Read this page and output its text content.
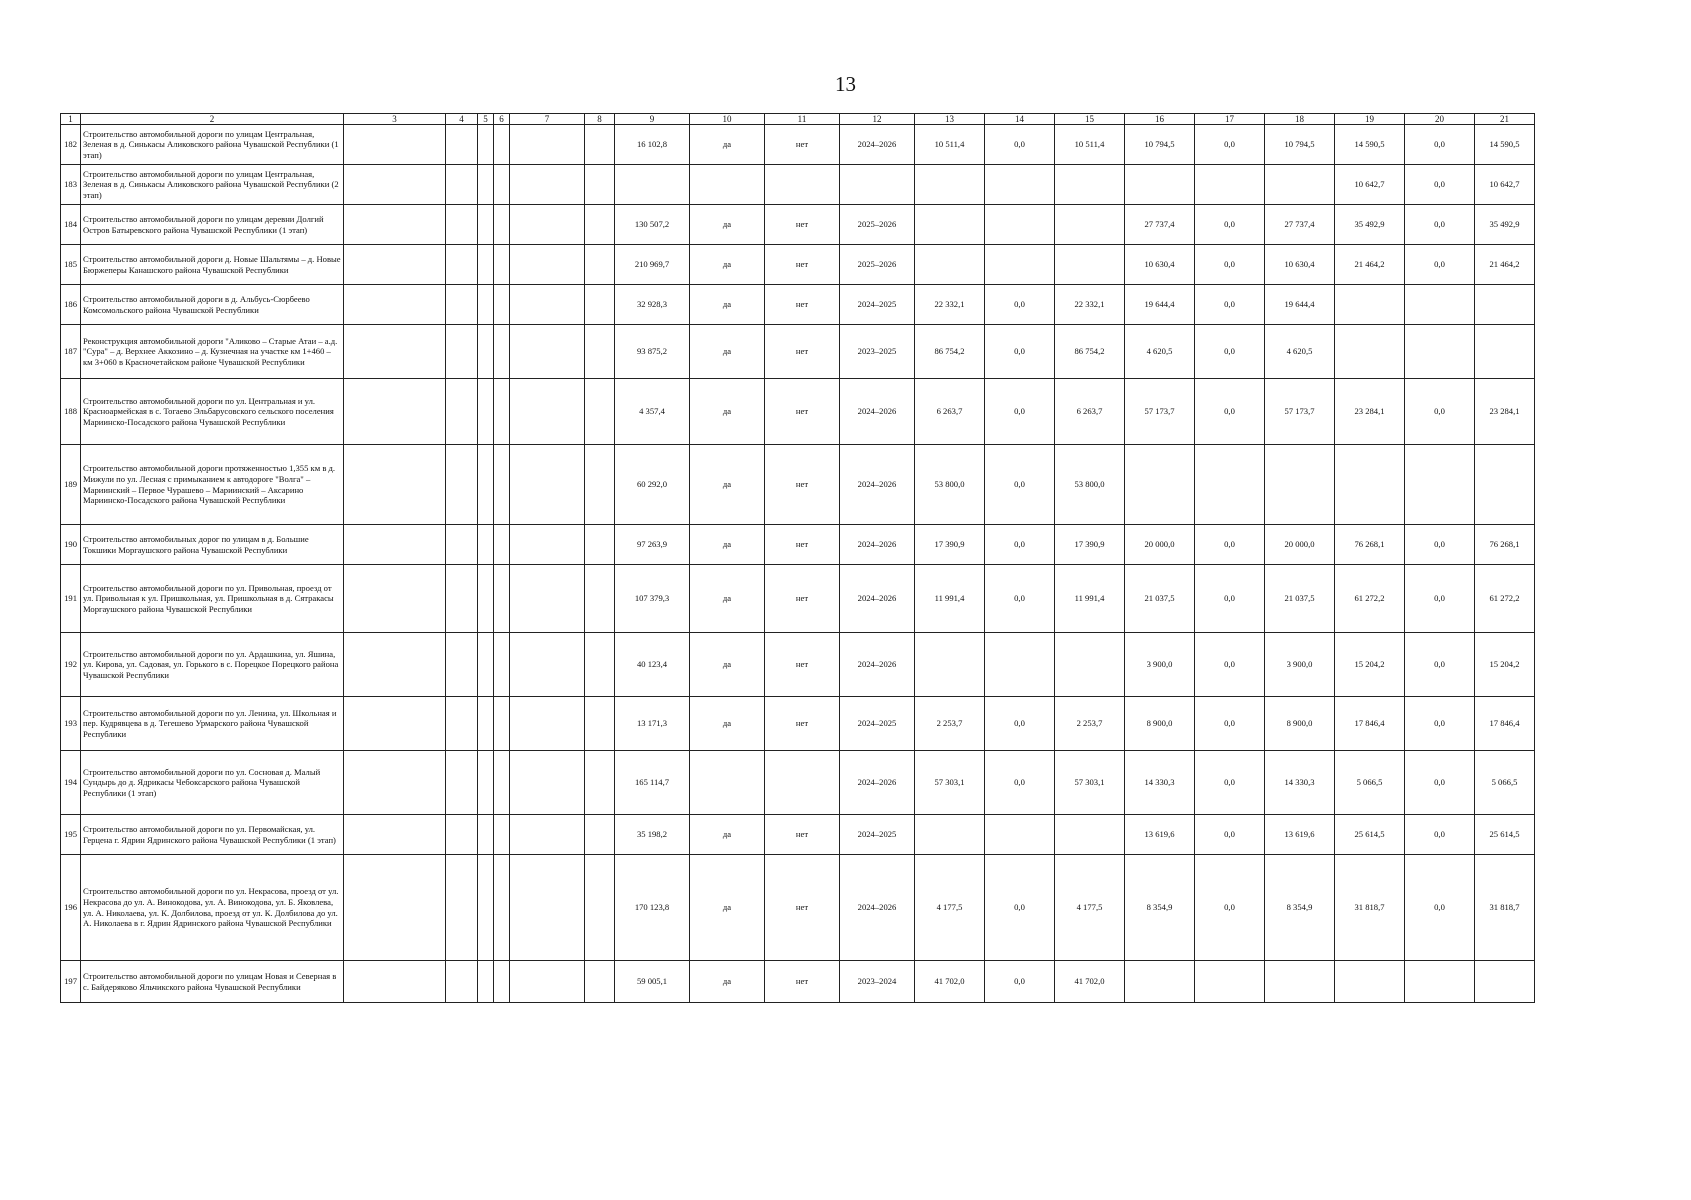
13
1	2	3	4	5	6	7	8	9	10	11	12	13	14	15	16	17	18	19	20	21
182	Строительство автомобильной дороги по улицам Центральная, Зеленая в д. Синькасы Аликовского района Чувашской Республики (1 этап)							16 102,8	да	нет	2024–2026	10 511,4	0,0	10 511,4	10 794,5	0,0	10 794,5	14 590,5	0,0	14 590,5
183	Строительство автомобильной дороги по улицам Центральная, Зеленая в д. Синькасы Аликовского района Чувашской Республики (2 этап)																	10 642,7	0,0	10 642,7
184	Строительство автомобильной дороги по улицам деревни Долгий Остров Батыревского района Чувашской Республики (1 этап)							130 507,2	да	нет	2025–2026				27 737,4	0,0	27 737,4	35 492,9	0,0	35 492,9
185	Строительство автомобильной дороги д. Новые Шальтямы – д. Новые Бюржеперы Канашского района Чувашской Республики							210 969,7	да	нет	2025–2026				10 630,4	0,0	10 630,4	21 464,2	0,0	21 464,2
186	Строительство автомобильной дороги в д. Альбусь-Сюрбеево Комсомольского района Чувашской Республики							32 928,3	да	нет	2024–2025	22 332,1	0,0	22 332,1	19 644,4	0,0	19 644,4			
187	Реконструкция автомобильной дороги "Аликово – Старые Атаи – а.д. "Сура" – д. Верхнее Аккозино – д. Кузнечная на участке км 1+460 – км 3+060 в Красночетайском районе Чувашской Республики							93 875,2	да	нет	2023–2025	86 754,2	0,0	86 754,2	4 620,5	0,0	4 620,5			
188	Строительство автомобильной дороги по ул. Центральная и ул. Красноармейская в с. Тогаево Эльбарусовского сельского поселения Мариинско-Посадского района Чувашской Республики							4 357,4	да	нет	2024–2026	6 263,7	0,0	6 263,7	57 173,7	0,0	57 173,7	23 284,1	0,0	23 284,1
189	Строительство автомобильной дороги протяженностью 1,355 км в д. Мижули по ул. Лесная с примыканием к автодороге "Волга" – Мариинский – Первое Чурашево – Мариинский – Аксарино Мариинско-Посадского района Чувашской Республики							60 292,0	да	нет	2024–2026	53 800,0	0,0	53 800,0						
190	Строительство автомобильных дорог по улицам в д. Большие Токшики Моргаушского района Чувашской Республики							97 263,9	да	нет	2024–2026	17 390,9	0,0	17 390,9	20 000,0	0,0	20 000,0	76 268,1	0,0	76 268,1
191	Строительство автомобильной дороги по ул. Привольная, проезд от ул. Привольная к ул. Пришкольная, ул. Пришкольная в д. Сятракасы Моргаушского района Чувашской Республики							107 379,3	да	нет	2024–2026	11 991,4	0,0	11 991,4	21 037,5	0,0	21 037,5	61 272,2	0,0	61 272,2
192	Строительство автомобильной дороги по ул. Ардашкина, ул. Яшина, ул. Кирова, ул. Садовая, ул. Горького в с. Порецкое Порецкого района Чувашской Республики							40 123,4	да	нет	2024–2026				3 900,0	0,0	3 900,0	15 204,2	0,0	15 204,2
193	Строительство автомобильной дороги по ул. Ленина, ул. Школьная и пер. Кудрявцева в д. Тегешево Урмарского района Чувашской Республики							13 171,3	да	нет	2024–2025	2 253,7	0,0	2 253,7	8 900,0	0,0	8 900,0	17 846,4	0,0	17 846,4
194	Строительство автомобильной дороги по ул. Сосновая д. Малый Сундырь до д. Ядрикасы Чебоксарского района Чувашской Республики (1 этап)							165 114,7			2024–2026	57 303,1	0,0	57 303,1	14 330,3	0,0	14 330,3	5 066,5	0,0	5 066,5
195	Строительство автомобильной дороги по ул. Первомайская, ул. Герцена г. Ядрин Ядринского района Чувашской Республики (1 этап)							35 198,2	да	нет	2024–2025				13 619,6	0,0	13 619,6	25 614,5	0,0	25 614,5
196	Строительство автомобильной дороги по ул. Некрасова, проезд от ул. Некрасова до ул. А. Винокодова, ул. А. Винокодова, ул. Б. Яковлева, ул. А. Николаева, ул. К. Долбилова, проезд от ул. К. Долбилова до ул. А. Николаева в г. Ядрин Ядринского района Чувашской Республики							170 123,8	да	нет	2024–2026	4 177,5	0,0	4 177,5	8 354,9	0,0	8 354,9	31 818,7	0,0	31 818,7
197	Строительство автомобильной дороги по улицам Новая и Северная в с. Байдеряково Яльчикского района Чувашской Республики							59 005,1	да	нет	2023–2024	41 702,0	0,0	41 702,0						
